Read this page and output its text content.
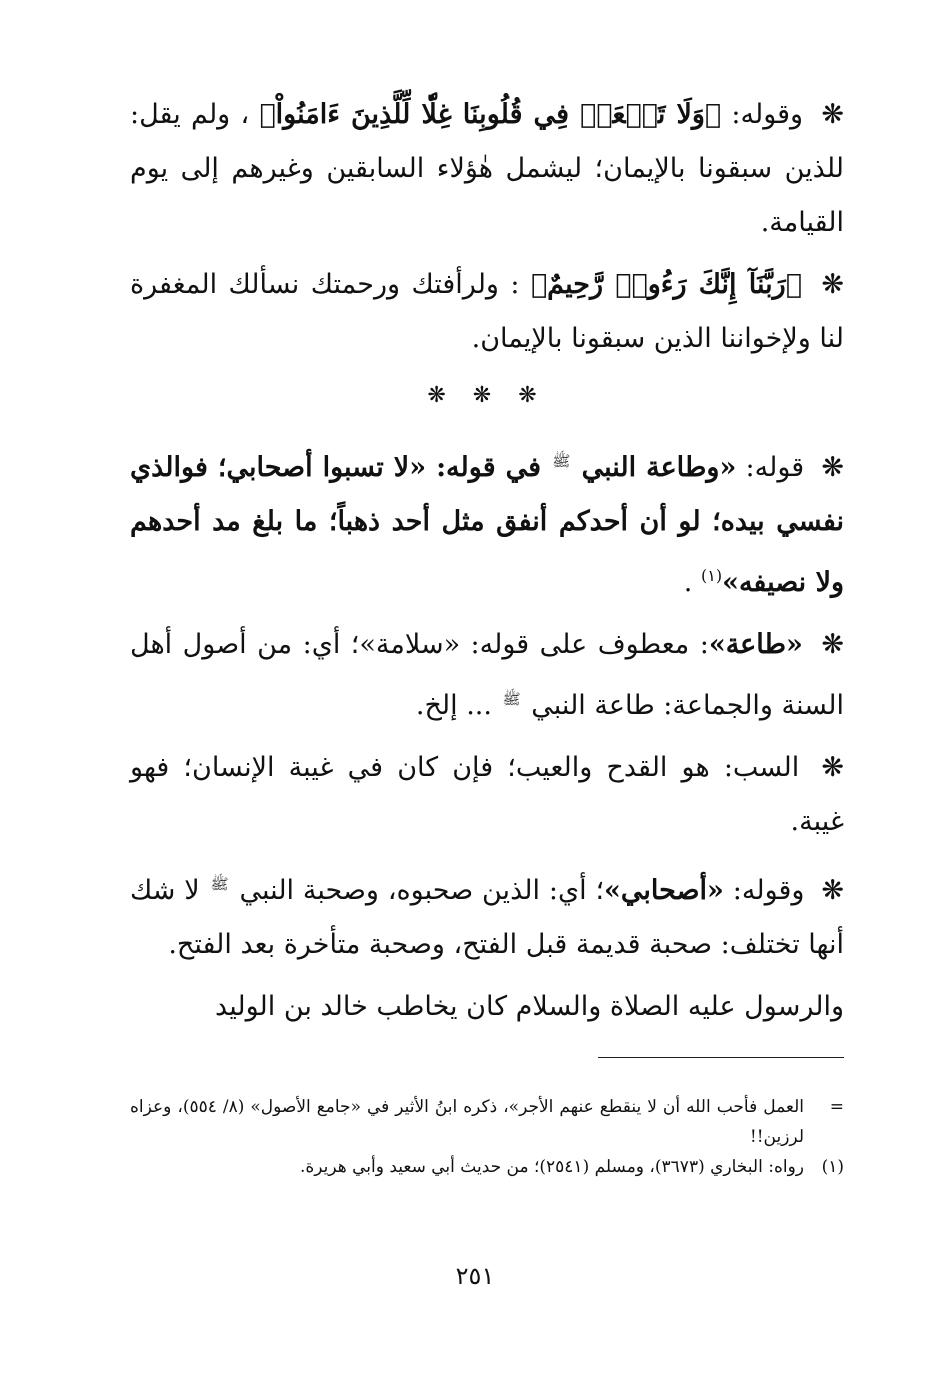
❋ وقوله: ﴿وَلَا تَجۡعَلۡ فِي قُلُوبِنَا غِلّٗا لِّلَّذِينَ ءَامَنُواْ﴾ ، ولم يقل: للذين سبقونا بالإيمان؛ ليشمل هٰؤلاء السابقين وغيرهم إلى يوم القيامة.

❋ ﴿رَبَّنَآ إِنَّكَ رَءُوفٞ رَّحِيمٌ﴾ : ولرأفتك ورحمتك نسألك المغفرة لنا ولإخواننا الذين سبقونا بالإيمان.

❋ ❋ ❋

❋ قوله: «وطاعة النبي $^ﷺ$ في قوله: «لا تسبوا أصحابي؛ فوالذي نفسي بيده؛ لو أن أحدكم أنفق مثل أحد ذهباً؛ ما بلغ مد أحدهم ولا نصيفه»$^{(١)}$ .

❋ «طاعة»: معطوف على قوله: «سلامة»؛ أي: من أصول أهل السنة والجماعة: طاعة النبي $^ﷺ$ ... إلخ.

❋ السب: هو القدح والعيب؛ فإن كان في غيبة الإنسان؛ فهو غيبة.

❋ وقوله: «أصحابي»؛ أي: الذين صحبوه، وصحبة النبي $^ﷺ$ لا شك أنها تختلف: صحبة قديمة قبل الفتح، وصحبة متأخرة بعد الفتح.

والرسول عليه الصلاة والسلام كان يخاطب خالد بن الوليد

=
العمل فأحب الله أن لا ينقطع عنهم الأجر»، ذكره ابنُ الأثير في «جامع الأصول» (٨/ ٥٥٤)، وعزاه لرزين!!
(١)
رواه: البخاري (٣٦٧٣)، ومسلم (٢٥٤١)؛ من حديث أبي سعيد وأبي هريرة.
٢٥١
